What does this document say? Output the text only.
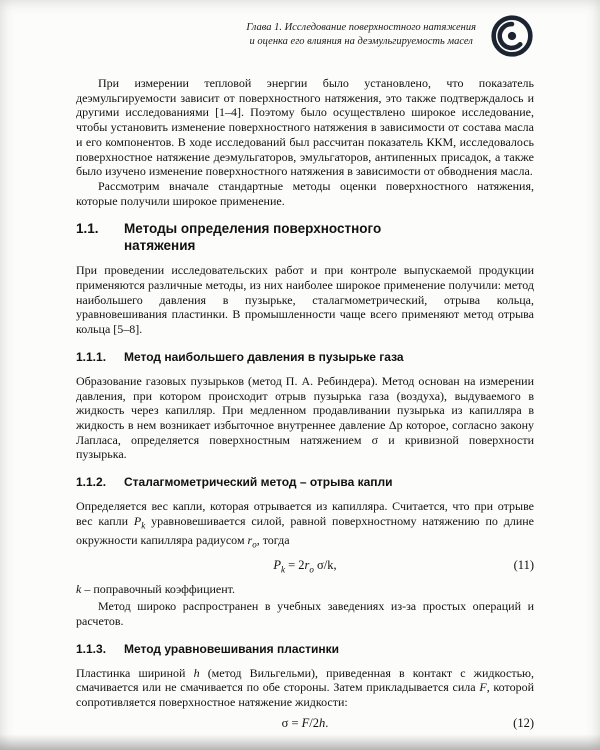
Глава 1. Исследование поверхностного натяжения
и оценка его влияния на деэмульгируемость масел

При измерении тепловой энергии было установлено, что показатель деэмульгируемости зависит от поверхностного натяжения, это также подтверждалось и другими исследованиями [1–4]. Поэтому было осуществлено широкое исследование, чтобы установить изменение поверхностного натяжения в зависимости от состава масла и его компонентов. В ходе исследований был рассчитан показатель ККМ, исследовалось поверхностное натяжение деэмульгаторов, эмульгаторов, антипенных присадок, а также было изучено изменение поверхностного натяжения в зависимости от обводнения масла.

Рассмотрим вначале стандартные методы оценки поверхностного натяжения, которые получили широкое применение.

1.1.	Методы определения поверхностного натяжения

При проведении исследовательских работ и при контроле выпускаемой продукции применяются различные методы, из них наиболее широкое применение получили: метод наибольшего давления в пузырьке, сталагмометрический, отрыва кольца, уравновешивания пластинки. В промышленности чаще всего применяют метод отрыва кольца [5–8].

1.1.1.	Метод наибольшего давления в пузырьке газа

Образование газовых пузырьков (метод П. А. Ребиндера). Метод основан на измерении давления, при котором происходит отрыв пузырька газа (воздуха), выдуваемого в жидкость через капилляр. При медленном продавливании пузырька из капилляра в жидкость в нем возникает избыточное внутреннее давление Δp которое, согласно закону Лапласа, определяется поверхностным натяжением σ и кривизной поверхности пузырька.

1.1.2.	Сталагмометрический метод – отрыва капли

Определяется вес капли, которая отрывается из капилляра. Считается, что при отрыве вес капли $P_k$ уравновешивается силой, равной поверхностному натяжению по длине окружности капилляра радиусом $r_o$, тогда

$P_k = 2r_o$ σ/k,	(11)

k – поправочный коэффициент.

Метод широко распространен в учебных заведениях из-за простых операций и расчетов.

1.1.3.	Метод уравновешивания пластинки

Пластинка шириной h (метод Вильгельми), приведенная в контакт с жидкостью, смачивается или не смачивается по обе стороны. Затем прикладывается сила F, которой сопротивляется поверхностное натяжение жидкости:

σ = F/2h.	(12)
